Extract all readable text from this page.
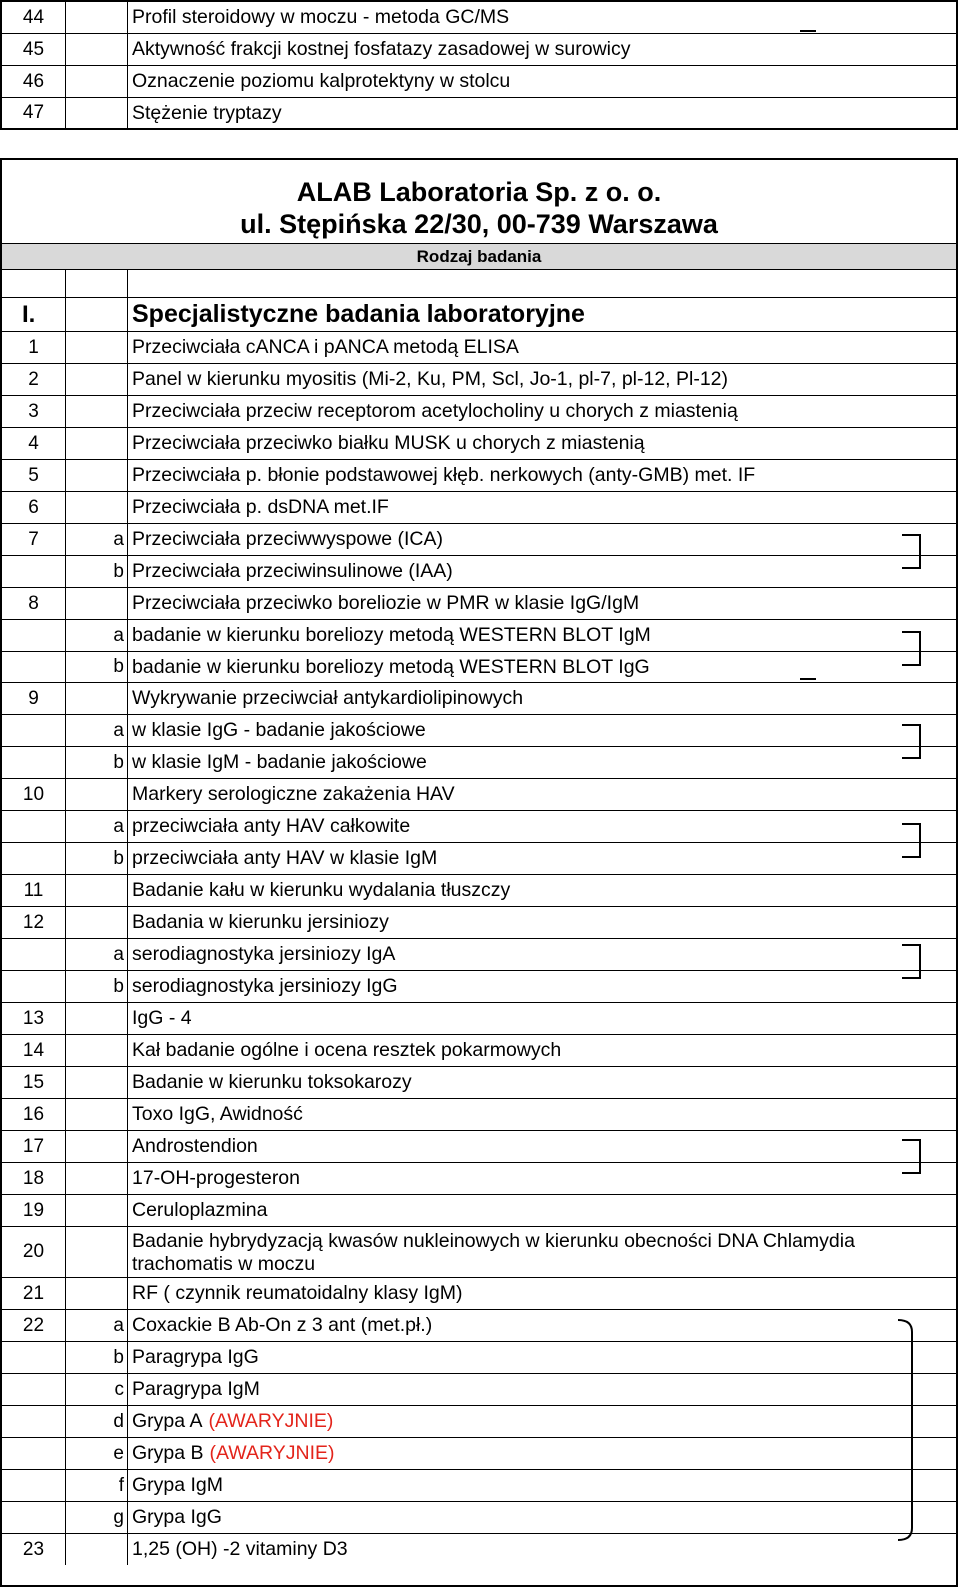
44	Profil steroidowy w moczu - metoda GC/MS
45	Aktywność frakcji kostnej fosfatazy zasadowej w surowicy
46	Oznaczenie poziomu kalprotektyny w stolcu
47	Stężenie tryptazy
ALAB Laboratoria Sp. z o. o.
ul. Stępińska 22/30, 00-739 Warszawa
Rodzaj badania
I.	Specjalistyczne badania laboratoryjne
1	Przeciwciała cANCA i pANCA metodą ELISA
2	Panel w kierunku myositis (Mi-2, Ku, PM, Scl, Jo-1, pl-7, pl-12, Pl-12)
3	Przeciwciała przeciw receptorom acetylocholiny u chorych z miastenią
4	Przeciwciała przeciwko białku MUSK u chorych z miastenią
5	Przeciwciała p. błonie podstawowej kłęb. nerkowych (anty-GMB) met. IF
6	Przeciwciała p. dsDNA met.IF
7	a Przeciwciała przeciwwyspowe (ICA)
b Przeciwciała przeciwinsulinowe (IAA)
8	Przeciwciała przeciwko boreliozie w PMR w klasie IgG/IgM
a badanie w kierunku boreliozy metodą WESTERN BLOT IgM
b badanie w kierunku boreliozy metodą WESTERN BLOT IgG
9	Wykrywanie przeciwciał antykardiolipinowych
a w klasie IgG - badanie jakościowe
b w klasie IgM - badanie jakościowe
10	Markery serologiczne zakażenia HAV
a przeciwciała anty HAV całkowite
b przeciwciała anty HAV w klasie IgM
11	Badanie kału w kierunku wydalania tłuszczy
12	Badania w kierunku jersiniozy
a serodiagnostyka jersiniozy IgA
b serodiagnostyka jersiniozy IgG
13	IgG - 4
14	Kał badanie ogólne i ocena resztek pokarmowych
15	Badanie w kierunku toksokarozy
16	Toxo IgG, Awidność
17	Androstendion
18	17-OH-progesteron
19	Ceruloplazmina
20	Badanie hybrydyzacją kwasów nukleinowych w kierunku obecności DNA Chlamydia trachomatis w moczu
21	RF ( czynnik reumatoidalny klasy IgM)
22	a Coxackie B Ab-On z 3 ant (met.pł.)
b Paragrypa IgG
c Paragrypa IgM
d Grypa A (AWARYJNIE)
e Grypa B (AWARYJNIE)
f Grypa IgM
g Grypa IgG
23	1,25 (OH) -2 vitaminy D3
